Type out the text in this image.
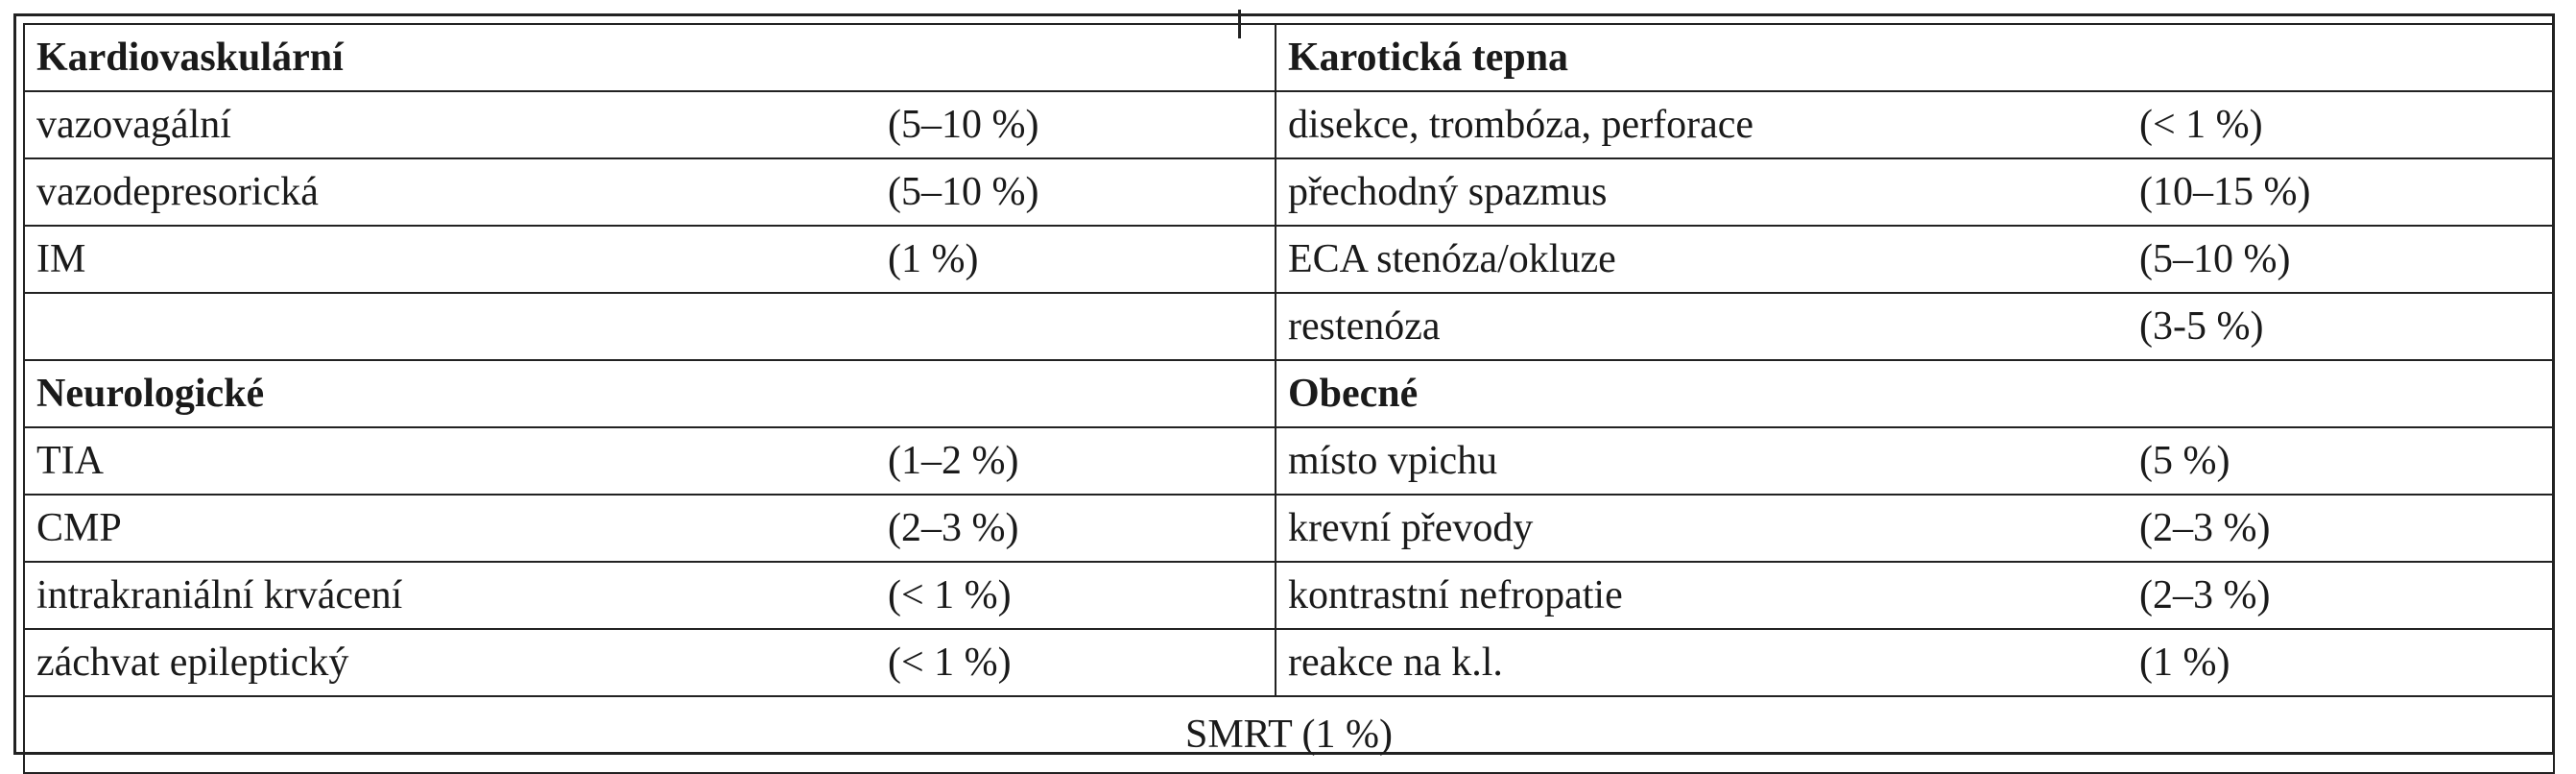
Kardiovaskulární		Karotická tepna	
vazovagální	(5–10 %)	disekce, trombóza, perforace	(< 1 %)
vazodepresorická	(5–10 %)	přechodný spazmus	(10–15 %)
IM	(1 %)	ECA stenóza/okluze	(5–10 %)
		restenóza	(3-5 %)
Neurologické		Obecné	
TIA	(1–2 %)	místo vpichu	(5 %)
CMP	(2–3 %)	krevní převody	(2–3 %)
intrakraniální krvácení	(< 1 %)	kontrastní nefropatie	(2–3 %)
záchvat epileptický	(< 1 %)	reakce na k.l.	(1 %)
SMRT (1 %)			
